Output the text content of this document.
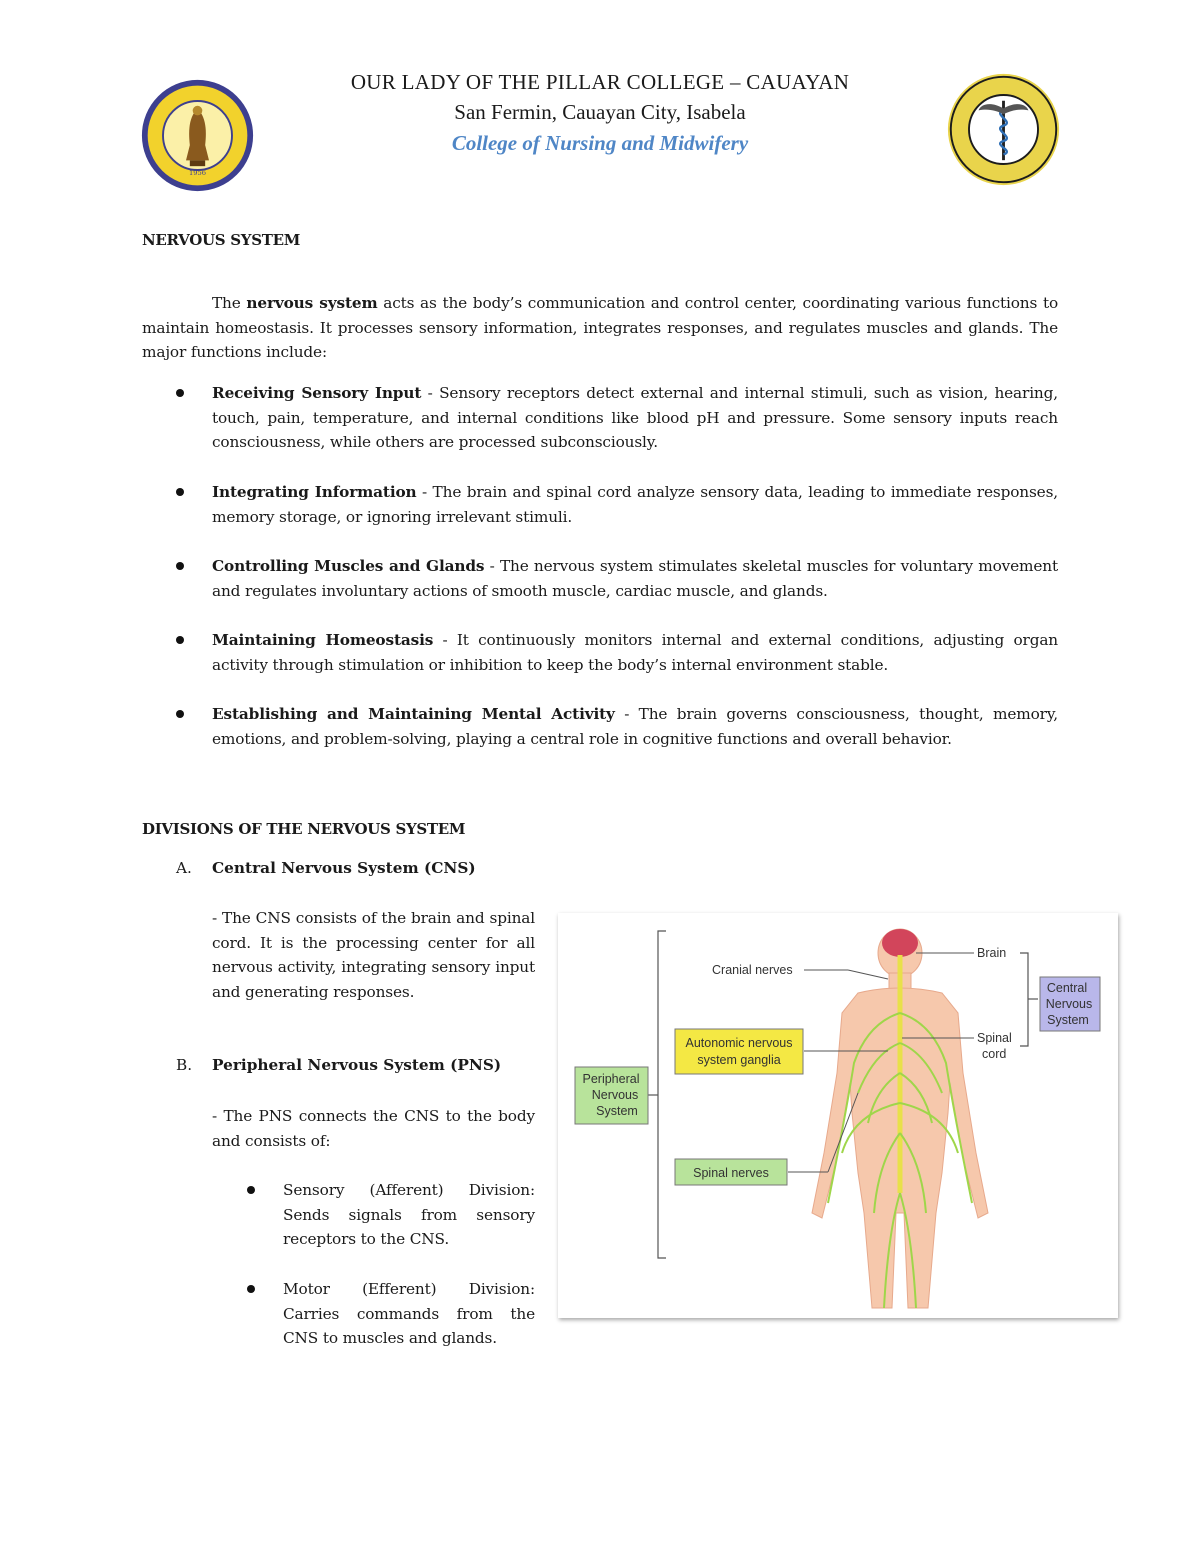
1956
OUR LADY OF THE PILLAR COLLEGE – CAUAYAN
San Fermin, Cauayan City, Isabela
College of Nursing and Midwifery
NERVOUS SYSTEM

The nervous system acts as the body’s communication and control center, coordinating various functions to maintain homeostasis. It processes sensory information, integrates responses, and regulates muscles and glands. The major functions include:

Receiving Sensory Input - Sensory receptors detect external and internal stimuli, such as vision, hearing, touch, pain, temperature, and internal conditions like blood pH and pressure. Some sensory inputs reach consciousness, while others are processed subconsciously.

Integrating Information - The brain and spinal cord analyze sensory data, leading to immediate responses, memory storage, or ignoring irrelevant stimuli.

Controlling Muscles and Glands - The nervous system stimulates skeletal muscles for voluntary movement and regulates involuntary actions of smooth muscle, cardiac muscle, and glands.

Maintaining Homeostasis - It continuously monitors internal and external conditions, adjusting organ activity through stimulation or inhibition to keep the body’s internal environment stable.

Establishing and Maintaining Mental Activity - The brain governs consciousness, thought, memory, emotions, and problem-solving, playing a central role in cognitive functions and overall behavior.

DIVISIONS OF THE NERVOUS SYSTEM
A. Central Nervous System (CNS)

- The CNS consists of the brain and spinal cord. It is the processing center for all nervous activity, integrating sensory input and generating responses.

B. Peripheral Nervous System (PNS)

- The PNS connects the CNS to the body and consists of:

Sensory (Afferent) Division: Sends signals from sensory receptors to the CNS.

Motor (Efferent) Division: Carries commands from the CNS to muscles and glands.

Brain
Cranial nerves
Spinal
cord
Autonomic nervous
system ganglia
Spinal nerves
Peripheral
Nervous
System
Central
Nervous
System
